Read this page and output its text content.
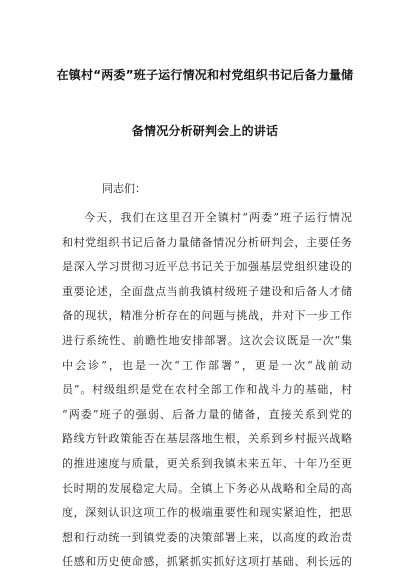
在镇村“两委”班子运行情况和村党组织书记后备力量储
备情况分析研判会上的讲话
同志们：
今天，我们在这里召开全镇村“两委”班子运行情况
和村党组织书记后备力量储备情况分析研判会，主要任务
是深入学习贯彻习近平总书记关于加强基层党组织建设的
重要论述，全面盘点当前我镇村级班子建设和后备人才储
备的现状，精准分析存在的问题与挑战，并对下一步工作
进行系统性、前瞻性地安排部署。这次会议既是一次“集
中会诊”，也是一次“工作部署”，更是一次“战前动
员”。村级组织是党在农村全部工作和战斗力的基础，村
“两委”班子的强弱、后备力量的储备，直接关系到党的
路线方针政策能否在基层落地生根，关系到乡村振兴战略
的推进速度与质量，更关系到我镇未来五年、十年乃至更
长时期的发展稳定大局。全镇上下务必从战略和全局的高
度，深刻认识这项工作的极端重要性和现实紧迫性，把思
想和行动统一到镇党委的决策部署上来，以高度的政治责
任感和历史使命感，抓紧抓实抓好这项打基础、利长远的
